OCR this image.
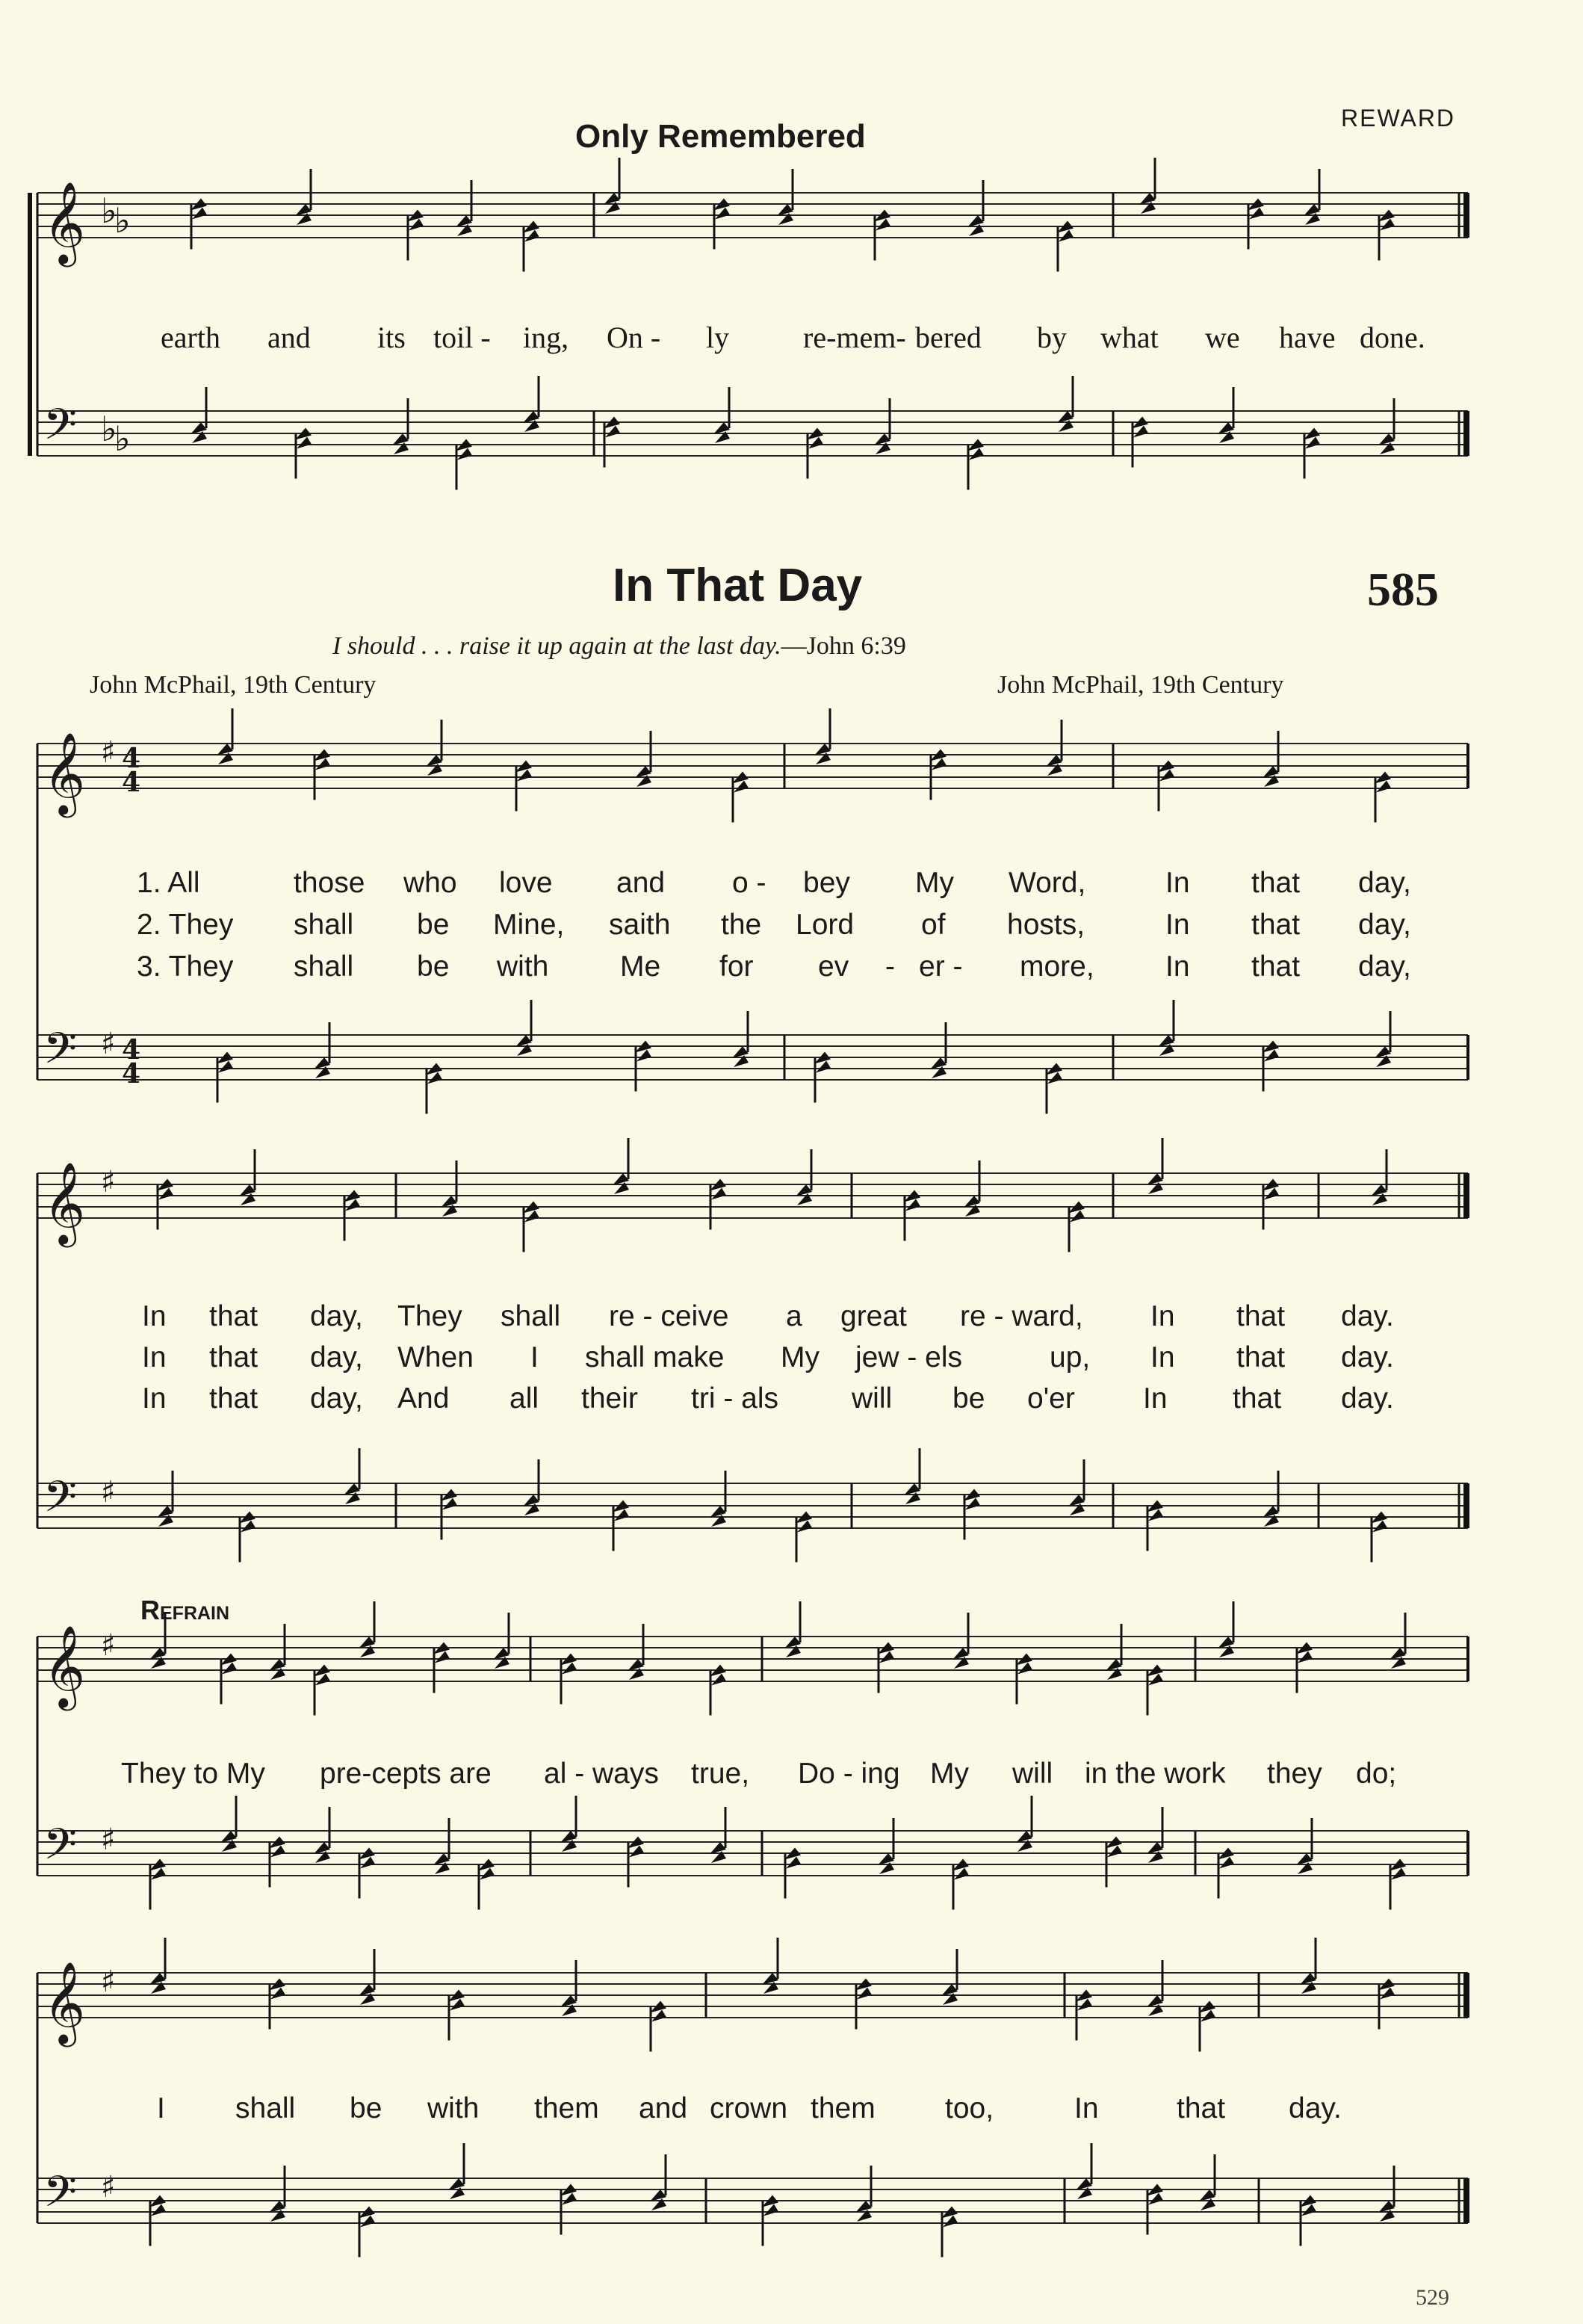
Only Remembered	REWARD
In That Day	585
I should . . . raise it up again at the last day.—John 6:39
John McPhail, 19th Century	John McPhail, 19th Century
Refrain
529
earth and its toil - ing, On - ly re-mem- bered by what we have done.
1. All	those who love and o - bey My Word,	In that day,
2. They shall be Mine, saith the Lord of hosts,	In that day,
3. They shall be with Me for ev - er - more, In that day,
In that day, They shall re - ceive a great re - ward, In that day.
In that day, When I shall make My jew - els	up, In that day.
In that day, And all their tri - als	will be o'er In that day.
They to My pre-cepts are al - ways true, Do - ing My will in the work they do;
I shall be with them and crown them too,	In	that day.
𝄞 ♭
♭
𝄢 ♭
♭
𝄞 ♯ 4
4
𝄢 ♯ 4
4
𝄞 ♯
𝄢 ♯
𝄞 ♯
𝄢 ♯
𝄞 ♯
𝄢 ♯
